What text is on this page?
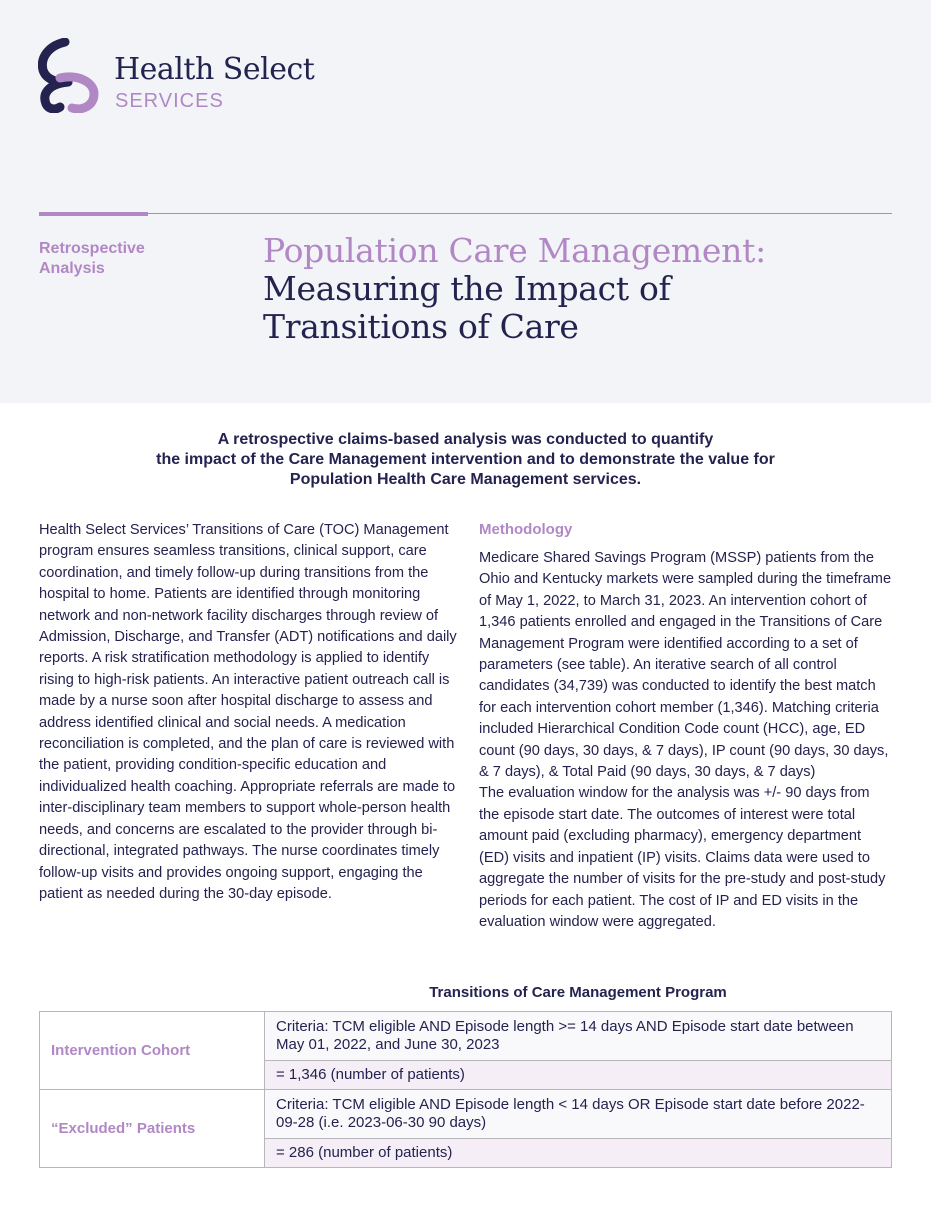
Health Select
SERVICES
Retrospective
Analysis	Population Care Management:
Measuring the Impact of
Transitions of Care
A retrospective claims-based analysis was conducted to quantify
the impact of the Care Management intervention and to demonstrate the value for
Population Health Care Management services.

Health Select Services’ Transitions of Care (TOC) Management program ensures seamless transitions, clinical support, care coordination, and timely follow-up during transitions from the hospital to home. Patients are identified through monitoring network and non-network facility discharges through review of Admission, Discharge, and Transfer (ADT) notifications and daily reports. A risk stratification methodology is applied to identify rising to high-risk patients. An interactive patient outreach call is made by a nurse soon after hospital discharge to assess and address identified clinical and social needs. A medication reconciliation is completed, and the plan of care is reviewed with the patient, providing condition-specific education and individualized health coaching. Appropriate referrals are made to inter-disciplinary team members to support whole-person health needs, and concerns are escalated to the provider through bi-directional, integrated pathways. The nurse coordinates timely follow-up visits and provides ongoing support, engaging the patient as needed during the 30-day episode.

Methodology

Medicare Shared Savings Program (MSSP) patients from the Ohio and Kentucky markets were sampled during the timeframe of May 1, 2022, to March 31, 2023. An intervention cohort of 1,346 patients enrolled and engaged in the Transitions of Care Management Program were identified according to a set of parameters (see table). An iterative search of all control candidates (34,739) was conducted to identify the best match for each intervention cohort member (1,346). Matching criteria included Hierarchical Condition Code count (HCC), age, ED count (90 days, 30 days, & 7 days), IP count (90 days, 30 days, & 7 days), & Total Paid (90 days, 30 days, & 7 days)

The evaluation window for the analysis was +/- 90 days from the episode start date. The outcomes of interest were total amount paid (excluding pharmacy), emergency department (ED) visits and inpatient (IP) visits. Claims data were used to aggregate the number of visits for the pre-study and post-study periods for each patient. The cost of IP and ED visits in the evaluation window were aggregated.

Transitions of Care Management Program
Intervention Cohort	Criteria: TCM eligible AND Episode length >= 14 days AND Episode start date between May 01, 2022, and June 30, 2023
	= 1,346 (number of patients)
“Excluded” Patients	Criteria: TCM eligible AND Episode length < 14 days OR Episode start date before 2022-09-28 (i.e. 2023-06-30 90 days)
	= 286 (number of patients)
